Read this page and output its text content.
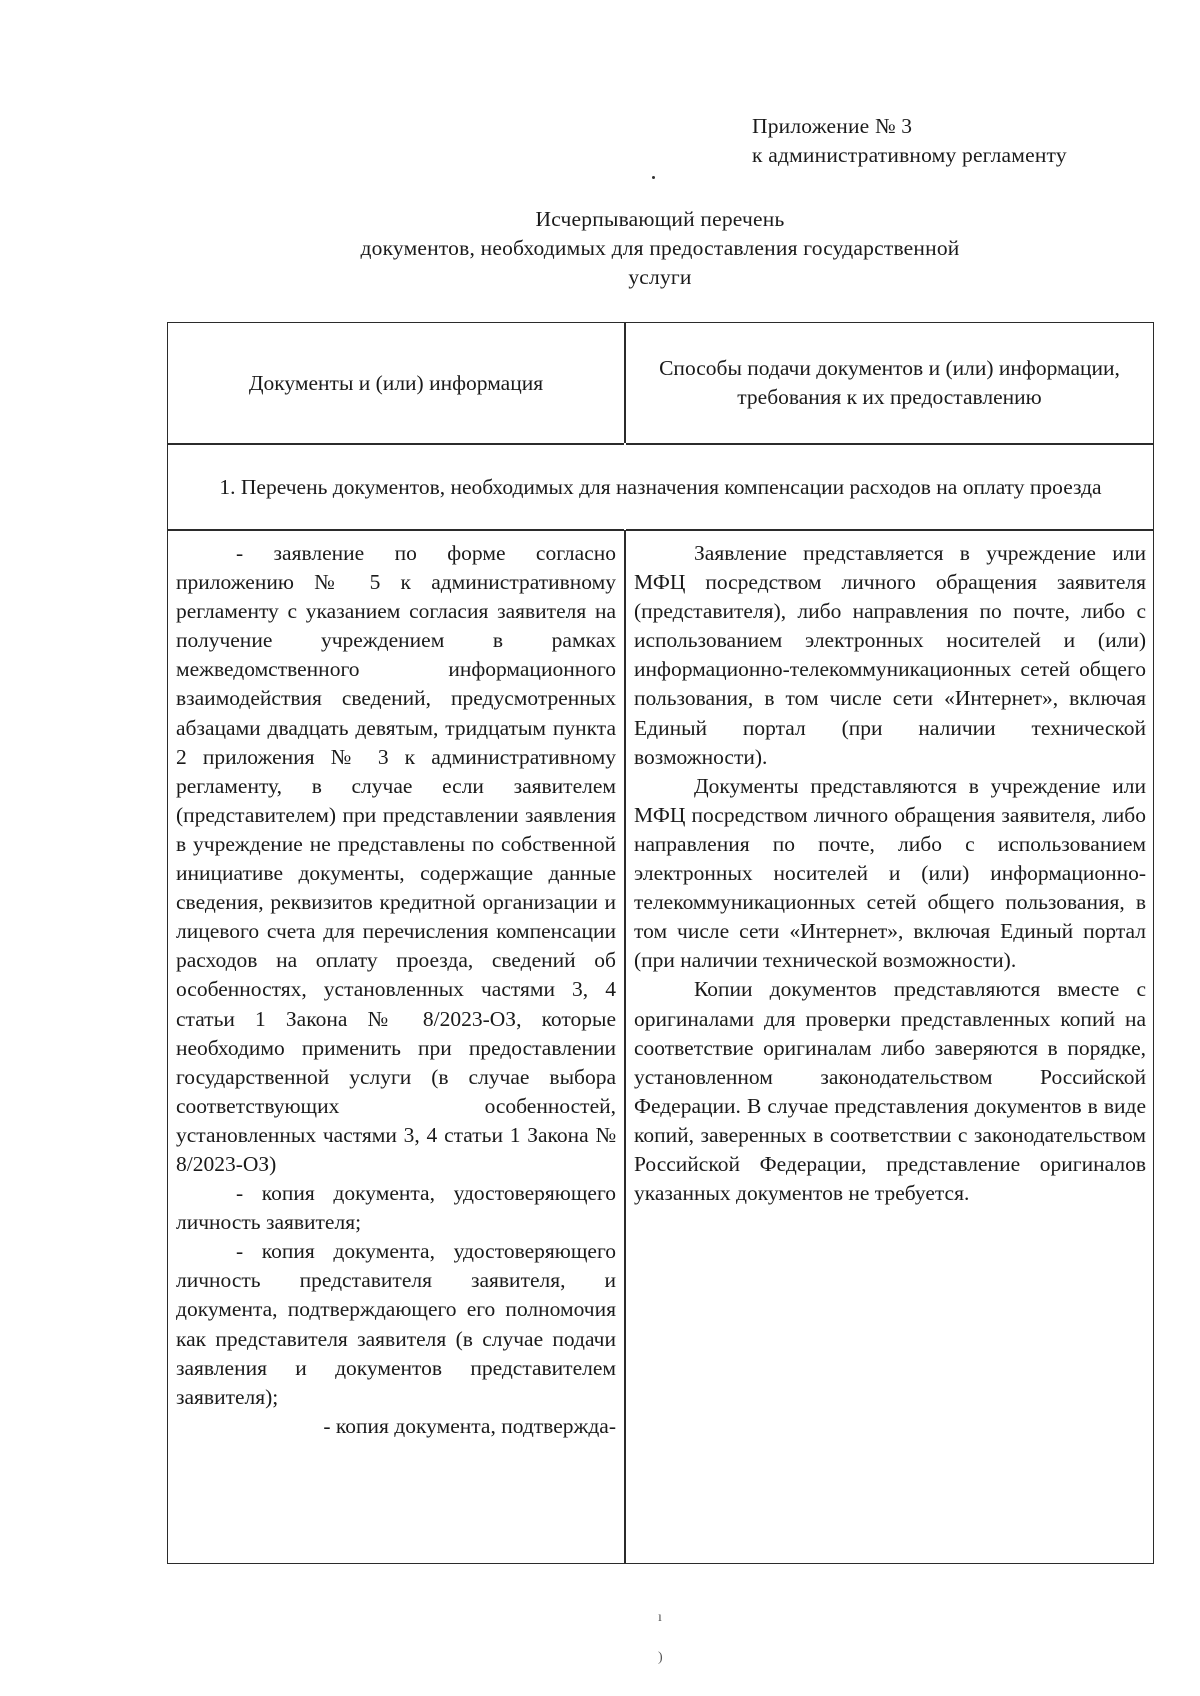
Приложение № 3
к административному регламенту
Исчерпывающий перечень
документов, необходимых для предоставления государственной
услуги
Документы и (или) информация
Способы подачи документов и (или) информации, требования к их предоставлению
1. Перечень документов, необходимых для назначения компенсации расходов на оплату проезда

- заявление по форме согласно приложению № 5 к административному регламенту с указанием согласия заявителя на получение учреждением в рамках межведомственного информационного взаимодействия сведений, предусмотренных абзацами двадцать девятым, тридцатым пункта 2 приложения № 3 к административному регламенту, в случае если заявителем (представителем) при представлении заявления в учреждение не представлены по собственной инициативе документы, содержащие данные сведения, реквизитов кредитной организации и лицевого счета для перечисления компенсации расходов на оплату проезда, сведений об особенностях, установленных частями 3, 4 статьи 1 Закона № 8/2023-ОЗ, которые необходимо применить при предоставлении государственной услуги (в случае выбора соответствующих особенностей, установленных частями 3, 4 статьи 1 Закона № 8/2023-ОЗ)

- копия документа, удостоверяющего личность заявителя;

- копия документа, удостоверяющего личность представителя заявителя, и документа, подтверждающего его полномочия как представителя заявителя (в случае подачи заявления и документов представителем заявителя);

- копия документа, подтвержда-

Заявление представляется в учреждение или МФЦ посредством личного обращения заявителя (представителя), либо направления по почте, либо с использованием электронных носителей и (или) информационно-телекоммуникационных сетей общего пользования, в том числе сети «Интернет», включая Единый портал (при наличии технической возможности).

Документы представляются в учреждение или МФЦ посредством личного обращения заявителя, либо направления по почте, либо с использованием электронных носителей и (или) информационно-телекоммуникационных сетей общего пользования, в том числе сети «Интернет», включая Единый портал (при наличии технической возможности).

Копии документов представляются вместе с оригиналами для проверки представленных копий на соответствие оригиналам либо заверяются в порядке, установленном законодательством Российской Федерации. В случае представления документов в виде копий, заверенных в соответствии с законодательством Российской Федерации, представление оригиналов указанных документов не требуется.

ı
)
